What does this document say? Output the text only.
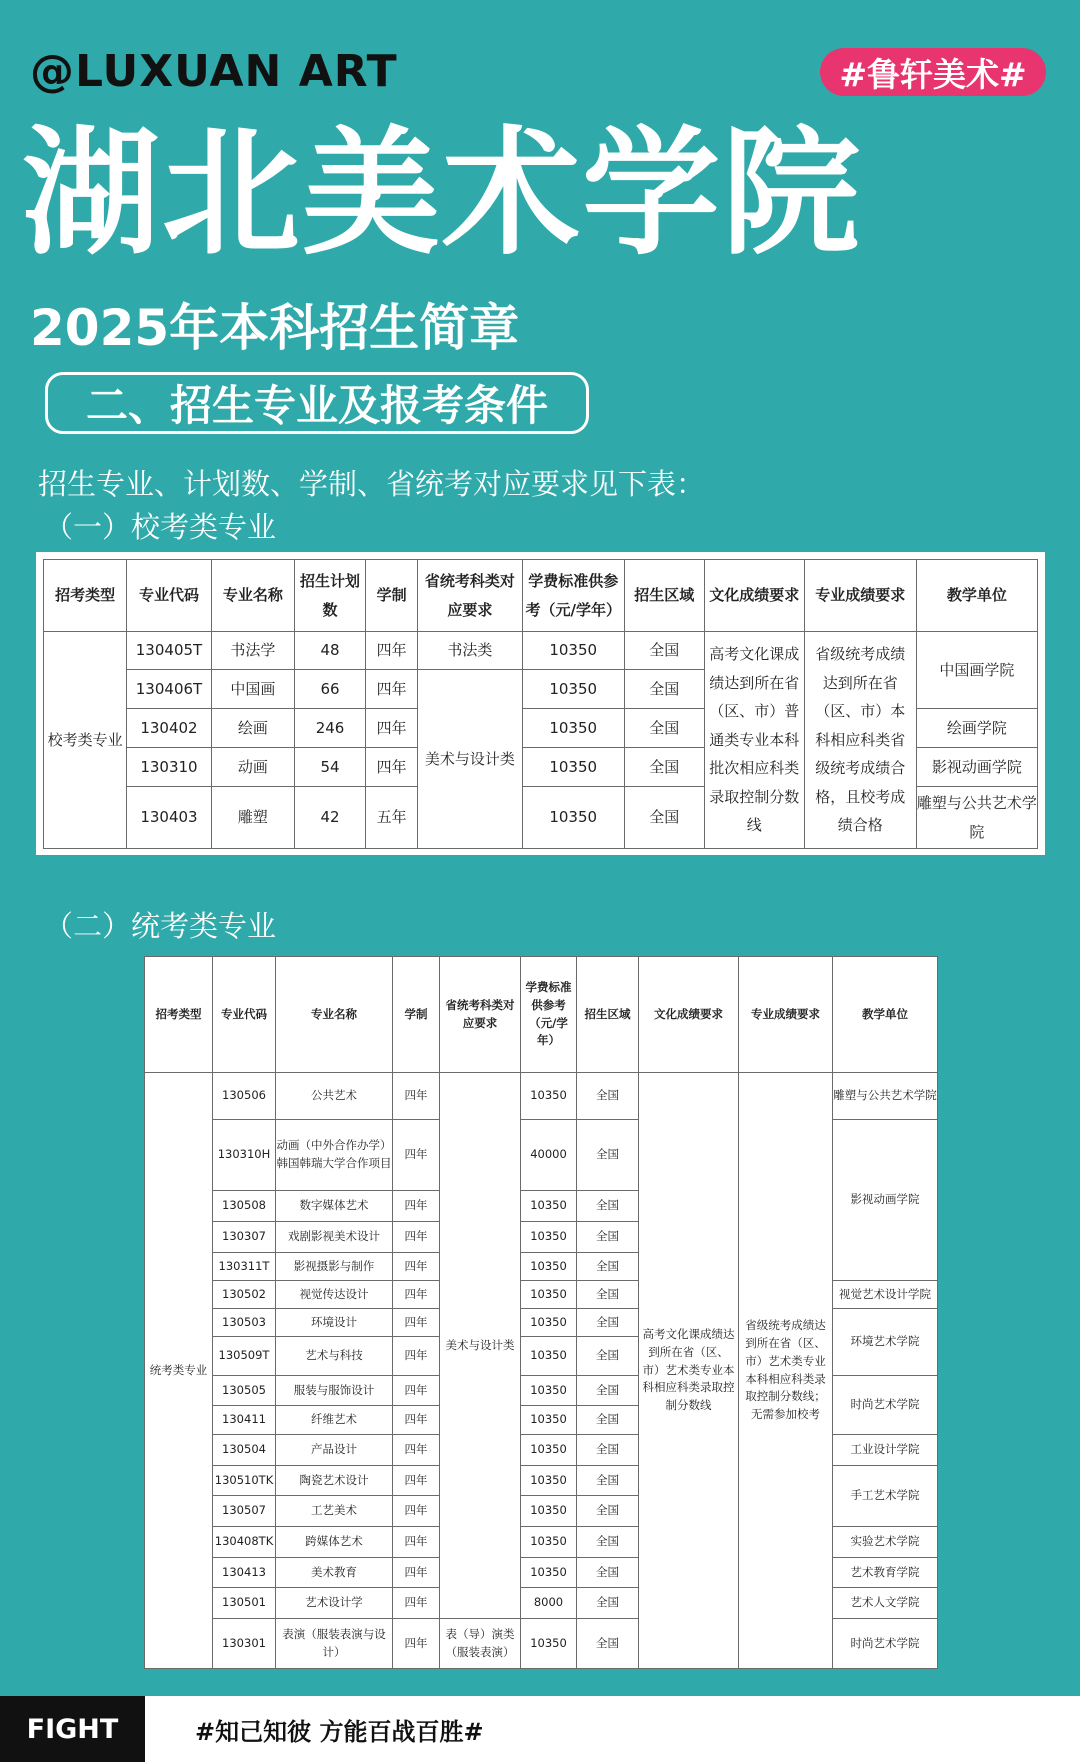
@LUXUAN ART	#鲁轩美术#
湖北美术学院
2025年本科招生简章
二、招生专业及报考条件
招生专业、计划数、学制、省统考对应要求见下表：
（一）校考类专业
招考类型	专业代码	专业名称	招生计划数	学制	省统考科类对应要求	学费标准供参考（元/学年）	招生区域	文化成绩要求	专业成绩要求	教学单位
校考类专业	130405T	书法学	48	四年	书法类	10350	全国	高考文化课成绩达到所在省（区、市）普通类专业本科批次相应科类录取控制分数线	省级统考成绩达到所在省（区、市）本科相应科类省级统考成绩合格，且校考成绩合格	中国画学院
	130406T	中国画	66	四年	美术与设计类	10350	全国			
	130402	绘画	246	四年		10350	全国			绘画学院
	130310	动画	54	四年		10350	全国			影视动画学院
	130403	雕塑	42	五年		10350	全国			雕塑与公共艺术学院
（二）统考类专业
招考类型	专业代码	专业名称	学制	省统考科类对应要求	学费标准供参考（元/学年）	招生区域	文化成绩要求	专业成绩要求	教学单位
统考类专业	130506	公共艺术	四年	美术与设计类	10350	全国	高考文化课成绩达到所在省（区、市）艺术类专业本科相应科类录取控制分数线	省级统考成绩达到所在省（区、市）艺术类专业本科相应科类录取控制分数线；无需参加校考	雕塑与公共艺术学院
	130310H	动画（中外合作办学）韩国韩瑞大学合作项目	四年		40000	全国			影视动画学院
	130508	数字媒体艺术	四年		10350	全国			
	130307	戏剧影视美术设计	四年		10350	全国			
	130311T	影视摄影与制作	四年		10350	全国			
	130502	视觉传达设计	四年		10350	全国			视觉艺术设计学院
	130503	环境设计	四年		10350	全国			环境艺术学院
	130509T	艺术与科技	四年		10350	全国			
	130505	服装与服饰设计	四年		10350	全国			时尚艺术学院
	130411	纤维艺术	四年		10350	全国			
	130504	产品设计	四年		10350	全国			工业设计学院
	130510TK	陶瓷艺术设计	四年		10350	全国			手工艺术学院
	130507	工艺美术	四年		10350	全国			
	130408TK	跨媒体艺术	四年		10350	全国			实验艺术学院
	130413	美术教育	四年		10350	全国			艺术教育学院
	130501	艺术设计学	四年		8000	全国			艺术人文学院
	130301	表演（服装表演与设计）	四年	表（导）演类（服装表演）	10350	全国			时尚艺术学院
FIGHT	#知己知彼 方能百战百胜#
